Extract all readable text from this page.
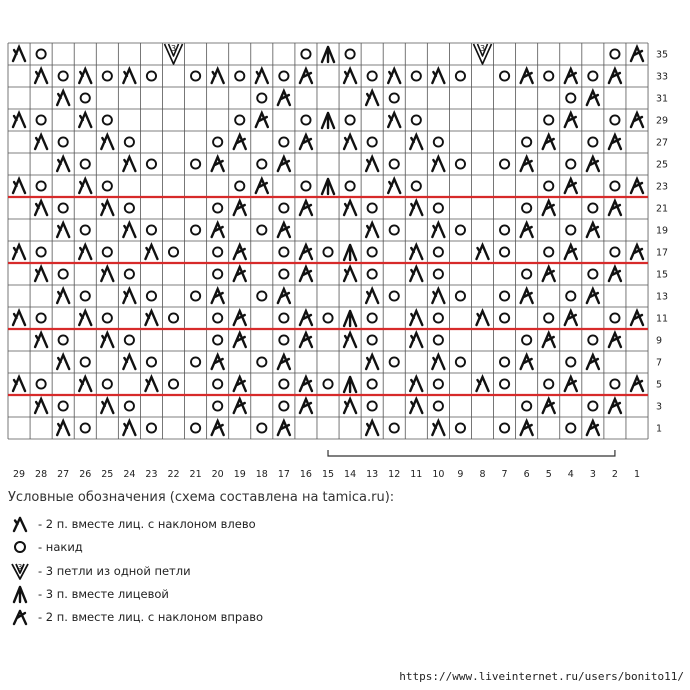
3	3
35
33
31
29
27
25
23
21
19
17
15
13
11
9
7
5
3
1
29 28 27 26 25 24 23 22 21 20 19 18 17 16 15 14 13 12 11 10 9 8 7 6 5 4 3 2 1
Условные обозначения (схема составлена на tamica.ru):
- 2 п. вместе лиц. с наклоном влево
- накид
3 - 3 петли из одной петли
- 3 п. вместе лицевой
- 2 п. вместе лиц. с наклоном вправо
https://www.liveinternet.ru/users/bonito11/
